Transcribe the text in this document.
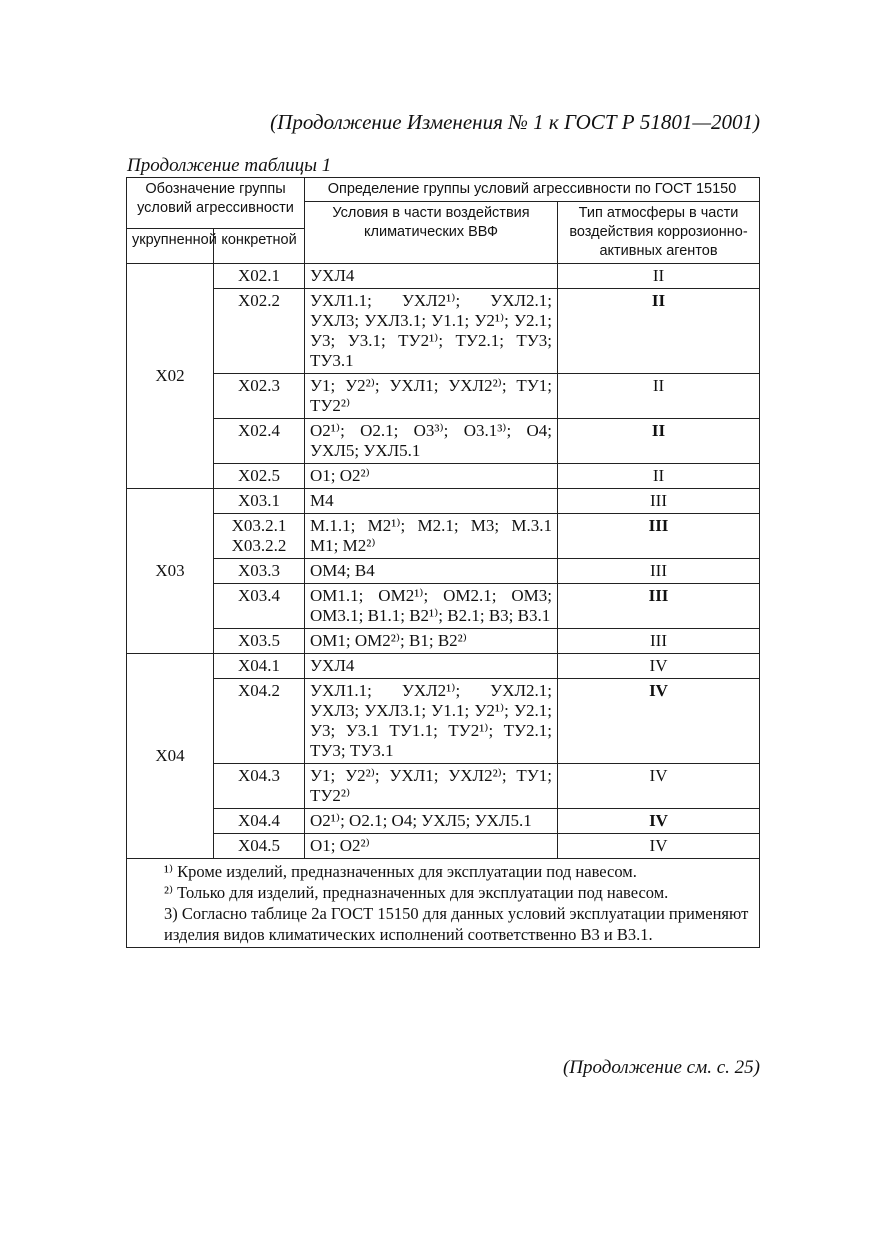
(Продолжение Изменения № 1 к ГОСТ Р 51801—2001)
Продолжение таблицы 1
Обозначение группы условий агрессивности		Определение группы условий агрессивности по ГОСТ 15150	
		Условия в части воздействия климатических ВВФ	Тип атмосферы в части воздействия коррозионно-активных агентов
укрупненной	конкретной		
X02	X02.1	УХЛ4	II
	X02.2	УХЛ1.1; УХЛ2¹⁾; УХЛ2.1; УХЛ3; УХЛ3.1; У1.1; У2¹⁾; У2.1; У3; У3.1; ТУ2¹⁾; ТУ2.1; ТУ3; ТУ3.1	II
	X02.3	У1; У2²⁾; УХЛ1; УХЛ2²⁾; ТУ1; ТУ2²⁾	II
	X02.4	О2¹⁾; О2.1; О3³⁾; О3.1³⁾; О4; УХЛ5; УХЛ5.1	II
	X02.5	О1; О2²⁾	II
X03	X03.1	М4	III
	X03.2.1 X03.2.2	М.1.1; М2¹⁾; М2.1; М3; М.3.1 М1; М2²⁾	III
	X03.3	ОМ4; В4	III
	X03.4	ОМ1.1; ОМ2¹⁾; ОМ2.1; ОМ3; ОМ3.1; В1.1; В2¹⁾; В2.1; В3; В3.1	III
	X03.5	ОМ1; ОМ2²⁾; В1; В2²⁾	III
X04	X04.1	УХЛ4	IV
	X04.2	УХЛ1.1; УХЛ2¹⁾; УХЛ2.1; УХЛ3; УХЛ3.1; У1.1; У2¹⁾; У2.1; У3; У3.1 ТУ1.1; ТУ2¹⁾; ТУ2.1; ТУ3; ТУ3.1	IV
	X04.3	У1; У2²⁾; УХЛ1; УХЛ2²⁾; ТУ1; ТУ2²⁾	IV
	X04.4	О2¹⁾; О2.1; О4; УХЛ5; УХЛ5.1	IV
	X04.5	О1; О2²⁾	IV

¹⁾ Кроме изделий, предназначенных для эксплуатации под навесом.
²⁾ Только для изделий, предназначенных для эксплуатации под навесом.
3) Согласно таблице 2а ГОСТ 15150 для данных условий эксплуатации применяют изделия видов климатических исполнений соответственно В3 и В3.1.			
(Продолжение см. с. 25)
